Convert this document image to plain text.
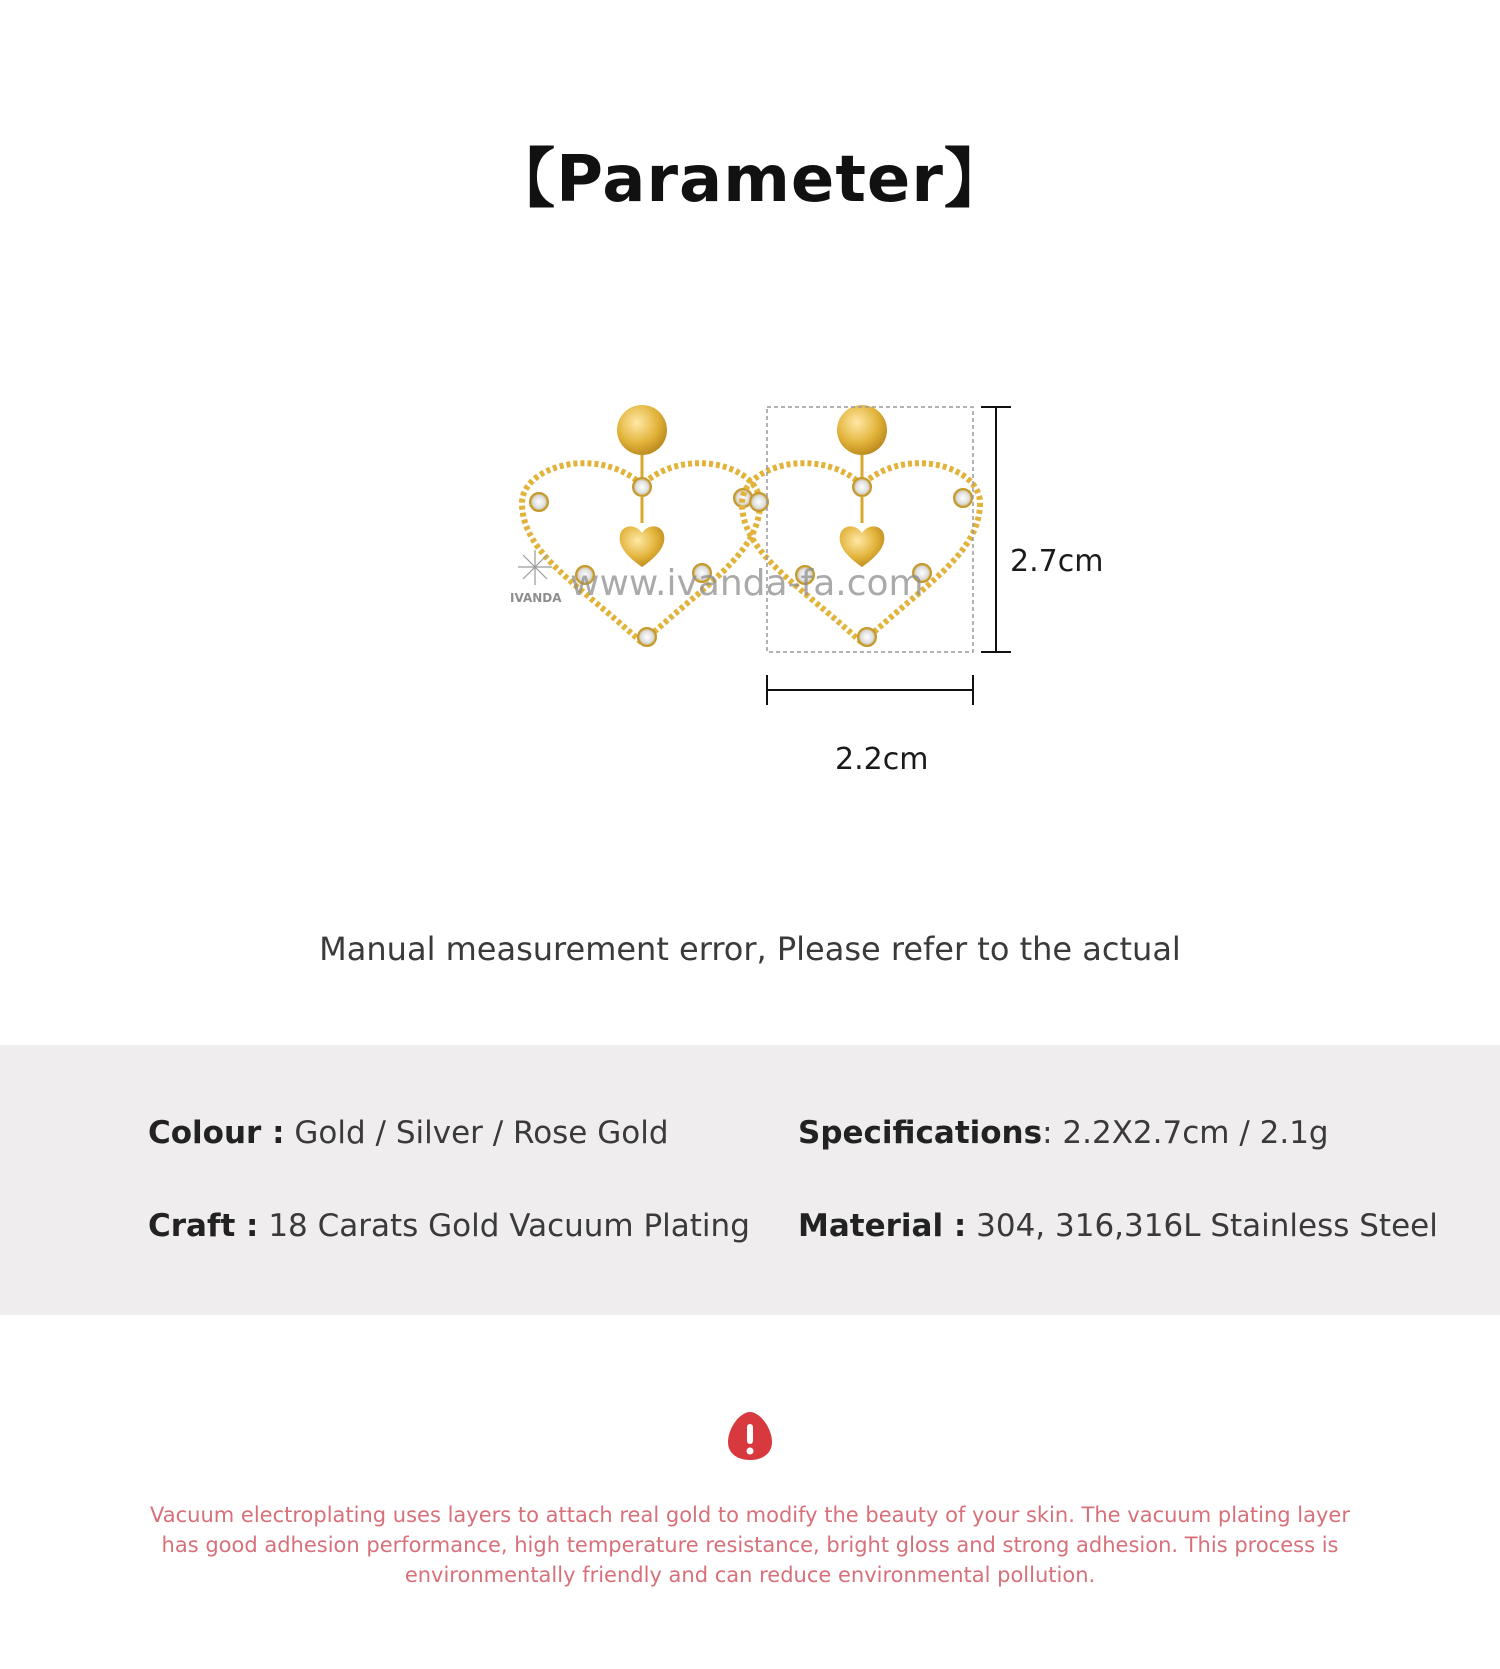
【Parameter】
IVANDA www.ivanda-fa.com
2.7cm
2.2cm
Manual measurement error, Please refer to the actual
Colour : Gold / Silver / Rose Gold	Specifications: 2.2X2.7cm / 2.1g
Craft : 18 Carats Gold Vacuum Plating Material : 304, 316,316L Stainless Steel
Vacuum electroplating uses layers to attach real gold to modify the beauty of your skin. The vacuum plating layer has good adhesion performance, high temperature resistance, bright gloss and strong adhesion. This process is environmentally friendly and can reduce environmental pollution.
